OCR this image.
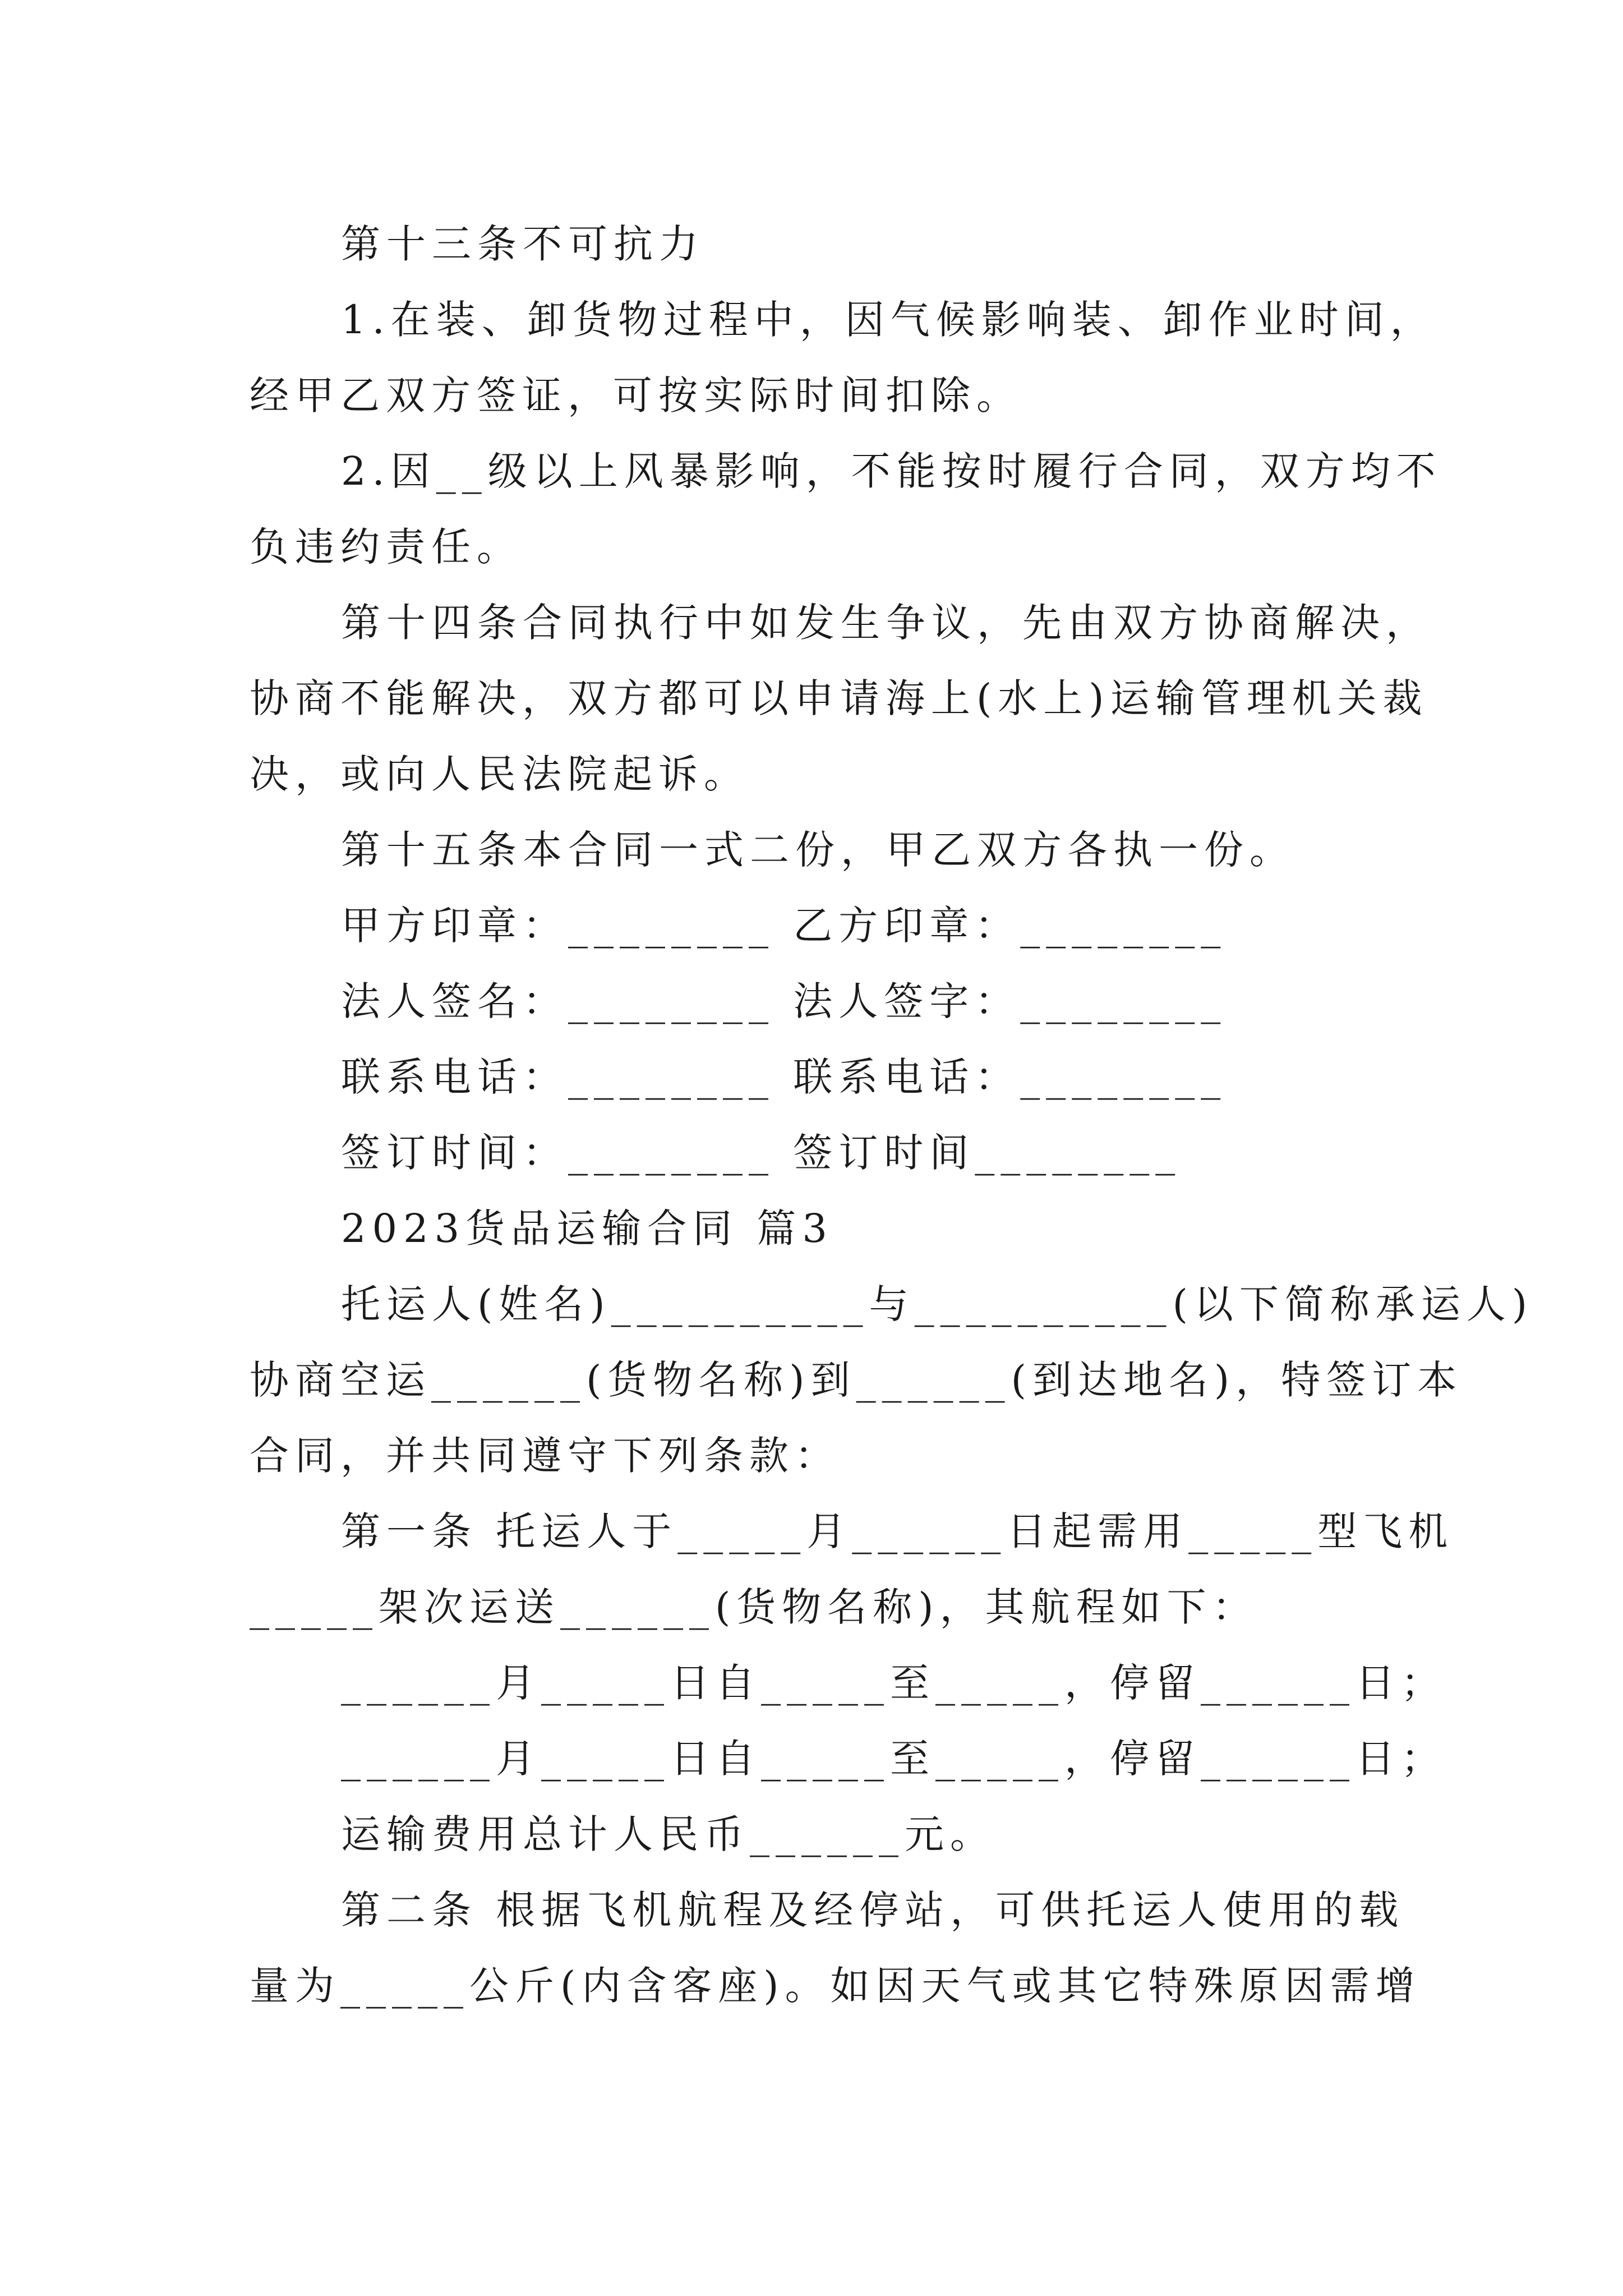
第十三条不可抗力
1.在装、卸货物过程中，因气候影响装、卸作业时间，
经甲乙双方签证，可按实际时间扣除。
2.因__级以上风暴影响，不能按时履行合同，双方均不
负违约责任。
第十四条合同执行中如发生争议，先由双方协商解决，
协商不能解决，双方都可以申请海上(水上)运输管理机关裁
决，或向人民法院起诉。
第十五条本合同一式二份，甲乙双方各执一份。
甲方印章：________ 乙方印章：________
法人签名：________ 法人签字：________
联系电话：________ 联系电话：________
签订时间：________ 签订时间________
2023货品运输合同 篇3
托运人(姓名)__________与__________(以下简称承运人)
协商空运______(货物名称)到______(到达地名)，特签订本
合同，并共同遵守下列条款：
第一条 托运人于_____月______日起需用_____型飞机
_____架次运送______(货物名称)，其航程如下：
______月_____日自_____至_____，停留______日；
______月_____日自_____至_____，停留______日；
运输费用总计人民币______元。
第二条 根据飞机航程及经停站，可供托运人使用的载
量为_____公斤(内含客座)。如因天气或其它特殊原因需增
